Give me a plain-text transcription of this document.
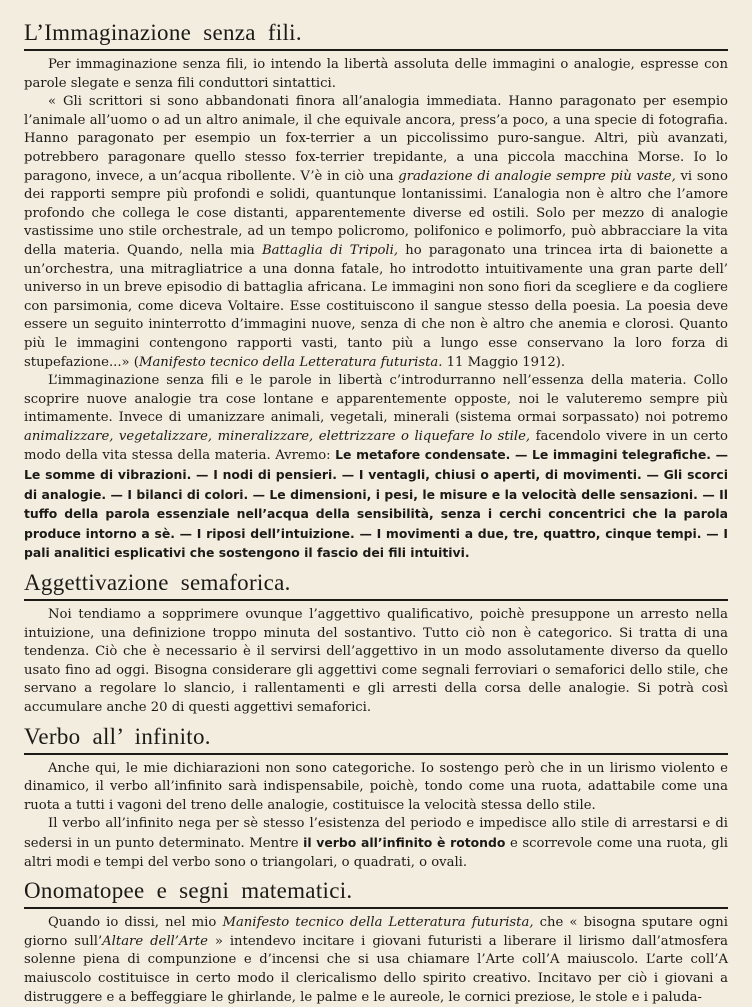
L’Immaginazione senza fili.

Per immaginazione senza fili, io intendo la libertà assoluta delle immagini o analogie, espresse con parole slegate e senza fili conduttori sintattici.

« Gli scrittori si sono abbandonati finora all’analogia immediata. Hanno paragonato per esempio l’animale all’uomo o ad un altro animale, il che equivale ancora, press’a poco, a una specie di fotografia. Hanno paragonato per esempio un fox-terrier a un piccolissimo puro-sangue. Altri, più avanzati, potrebbero paragonare quello stesso fox-terrier trepidante, a una piccola macchina Morse. Io lo paragono, invece, a un’acqua ribollente. V’è in ciò una gradazione di analogie sempre più vaste, vi sono dei rapporti sempre più profondi e solidi, quantunque lontanissimi. L’analogia non è altro che l’amore profondo che collega le cose distanti, apparentemente diverse ed ostili. Solo per mezzo di analogie vastissime uno stile orchestrale, ad un tempo policromo, polifonico e polimorfo, può abbracciare la vita della materia. Quando, nella mia Battaglia di Tripoli, ho paragonato una trincea irta di baionette a un’orchestra, una mitragliatrice a una donna fatale, ho introdotto intuitivamente una gran parte dell’ universo in un breve episodio di battaglia africana. Le immagini non sono fiori da scegliere e da cogliere con parsimonia, come diceva Voltaire. Esse costituiscono il sangue stesso della poesia. La poesia deve essere un seguito ininterrotto d’immagini nuove, senza di che non è altro che anemia e clorosi. Quanto più le immagini contengono rapporti vasti, tanto più a lungo esse conservano la loro forza di stupefazione...» (Manifesto tecnico della Letteratura futurista. 11 Maggio 1912).

L’immaginazione senza fili e le parole in libertà c’introdurranno nell’essenza della materia. Collo scoprire nuove analogie tra cose lontane e apparentemente opposte, noi le valuteremo sempre più intimamente. Invece di umanizzare animali, vegetali, minerali (sistema ormai sorpassato) noi potremo animalizzare, vegetalizzare, mineralizzare, elettrizzare o liquefare lo stile, facendolo vivere in un certo modo della vita stessa della materia. Avremo: Le metafore condensate. — Le immagini telegrafiche. — Le somme di vibrazioni. — I nodi di pensieri. — I ventagli, chiusi o aperti, di movimenti. — Gli scorci di analogie. — I bilanci di colori. — Le dimensioni, i pesi, le misure e la velocità delle sensazioni. — Il tuffo della parola essenziale nell’acqua della sensibilità, senza i cerchi concentrici che la parola produce intorno a sè. — I riposi dell’intuizione. — I movimenti a due, tre, quattro, cinque tempi. — I pali analitici esplicativi che sostengono il fascio dei fili intuitivi.

Aggettivazione semaforica.

Noi tendiamo a sopprimere ovunque l’aggettivo qualificativo, poichè presuppone un arresto nella intuizione, una definizione troppo minuta del sostantivo. Tutto ciò non è categorico. Si tratta di una tendenza. Ciò che è necessario è il servirsi dell’aggettivo in un modo assolutamente diverso da quello usato fino ad oggi. Bisogna considerare gli aggettivi come segnali ferroviari o semaforici dello stile, che servano a regolare lo slancio, i rallentamenti e gli arresti della corsa delle analogie. Si potrà così accumulare anche 20 di questi aggettivi semaforici.

Verbo all’ infinito.

Anche qui, le mie dichiarazioni non sono categoriche. Io sostengo però che in un lirismo violento e dinamico, il verbo all’infinito sarà indispensabile, poichè, tondo come una ruota, adattabile come una ruota a tutti i vagoni del treno delle analogie, costituisce la velocità stessa dello stile.

Il verbo all’infinito nega per sè stesso l’esistenza del periodo e impedisce allo stile di arrestarsi e di sedersi in un punto determinato. Mentre il verbo all’infinito è rotondo e scorrevole come una ruota, gli altri modi e tempi del verbo sono o triangolari, o quadrati, o ovali.

Onomatopee e segni matematici.

Quando io dissi, nel mio Manifesto tecnico della Letteratura futurista, che « bisogna sputare ogni giorno sull’Altare dell’Arte » intendevo incitare i giovani futuristi a liberare il lirismo dall’atmosfera solenne piena di compunzione e d’incensi che si usa chiamare l’Arte coll’A maiuscolo. L’arte coll’A maiuscolo costituisce in certo modo il clericalismo dello spirito creativo. Incitavo per ciò i giovani a distruggere e a beffeggiare le ghirlande, le palme e le aureole, le cornici preziose, le stole e i paluda-
